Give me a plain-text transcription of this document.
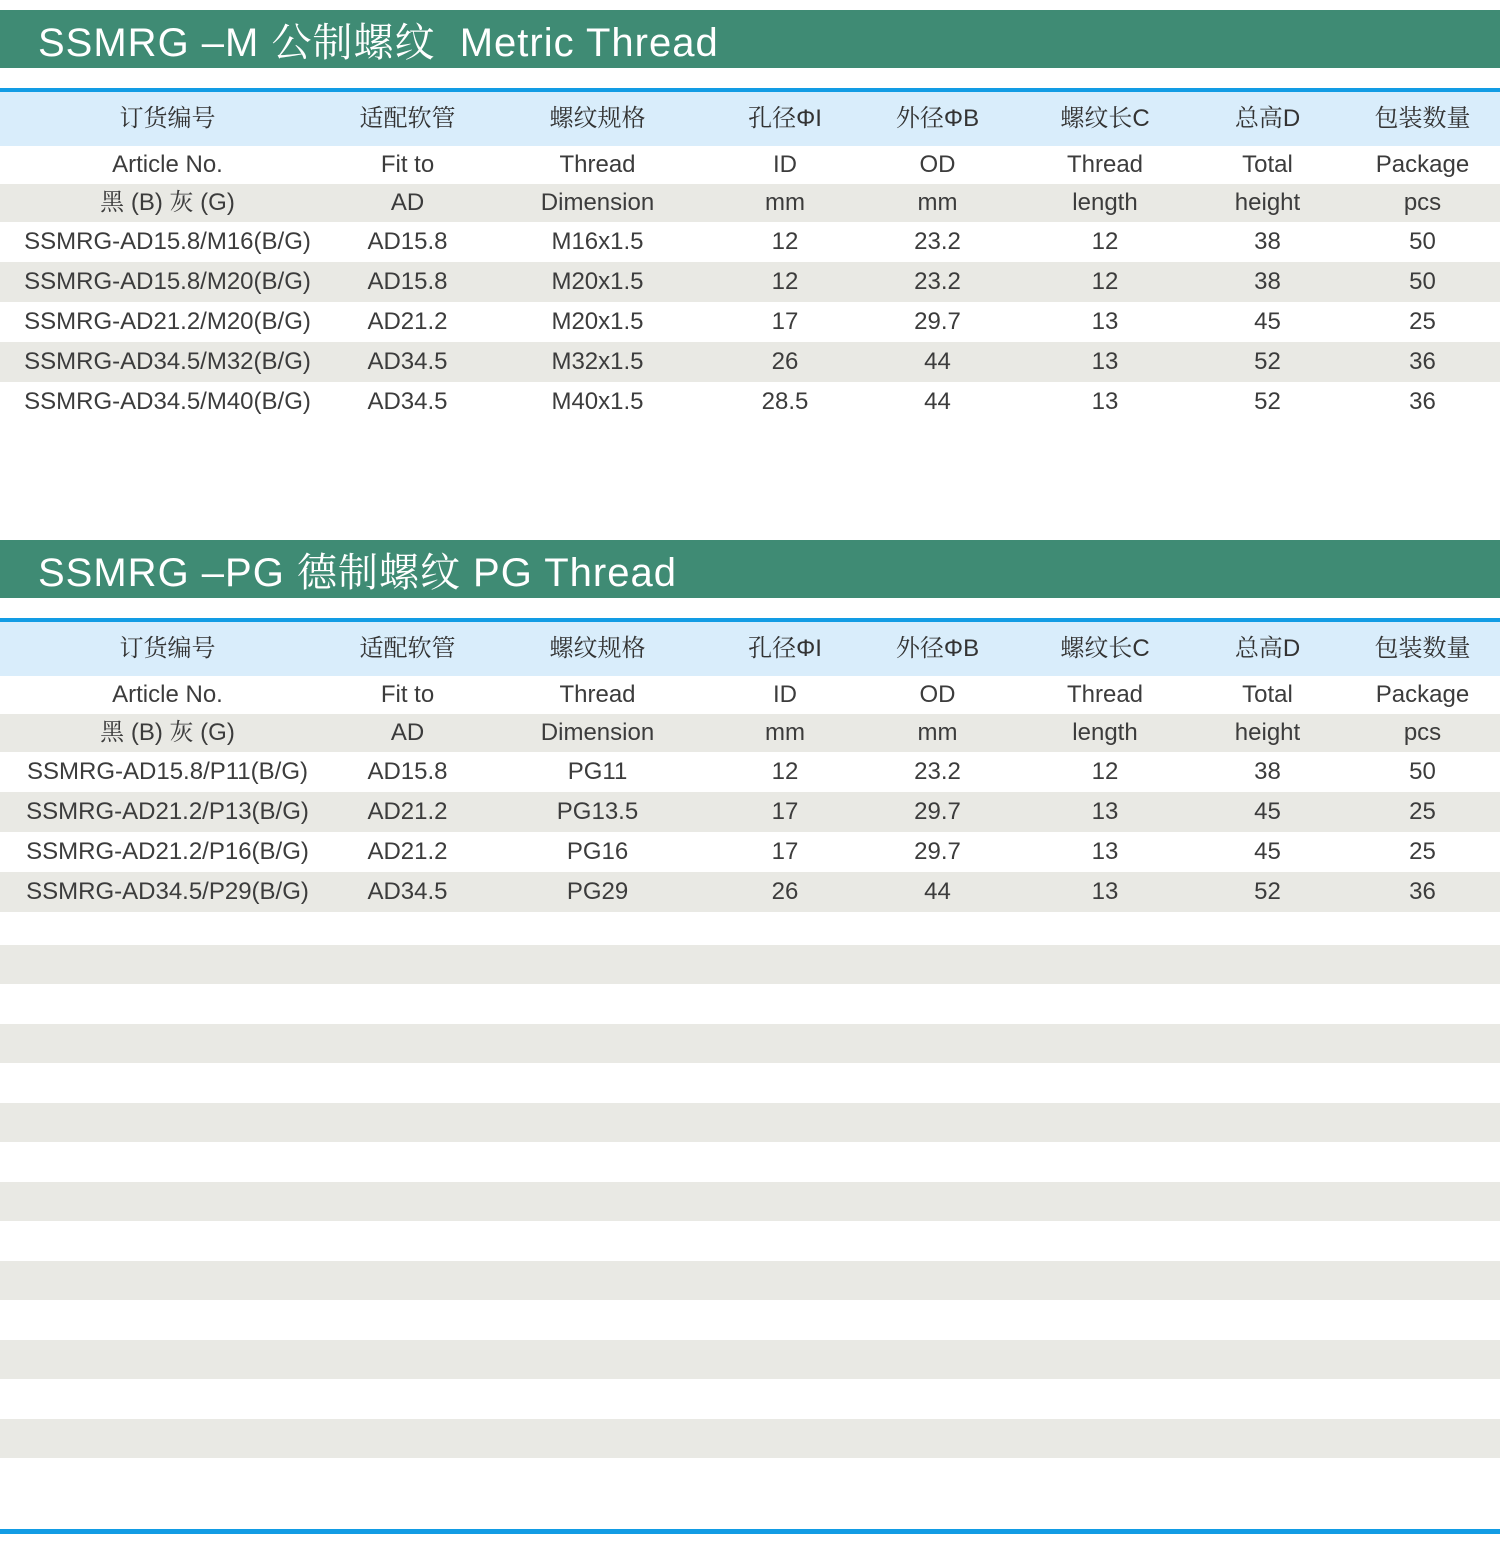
SSMRG –M 公制螺纹  Metric Thread
订货编号	适配软管	螺纹规格	孔径ΦI	外径ΦB	螺纹长C	总高D	包装数量
Article No.	Fit to	Thread	ID	OD	Thread	Total	Package
黑 (B) 灰 (G)	AD	Dimension	mm	mm	length	height	pcs
SSMRG-AD15.8/M16(B/G)	AD15.8	M16x1.5	12	23.2	12	38	50
SSMRG-AD15.8/M20(B/G)	AD15.8	M20x1.5	12	23.2	12	38	50
SSMRG-AD21.2/M20(B/G)	AD21.2	M20x1.5	17	29.7	13	45	25
SSMRG-AD34.5/M32(B/G)	AD34.5	M32x1.5	26	44	13	52	36
SSMRG-AD34.5/M40(B/G)	AD34.5	M40x1.5	28.5	44	13	52	36
SSMRG –PG 德制螺纹 PG Thread
订货编号	适配软管	螺纹规格	孔径ΦI	外径ΦB	螺纹长C	总高D	包装数量
Article No.	Fit to	Thread	ID	OD	Thread	Total	Package
黑 (B) 灰 (G)	AD	Dimension	mm	mm	length	height	pcs
SSMRG-AD15.8/P11(B/G)	AD15.8	PG11	12	23.2	12	38	50
SSMRG-AD21.2/P13(B/G)	AD21.2	PG13.5	17	29.7	13	45	25
SSMRG-AD21.2/P16(B/G)	AD21.2	PG16	17	29.7	13	45	25
SSMRG-AD34.5/P29(B/G)	AD34.5	PG29	26	44	13	52	36
